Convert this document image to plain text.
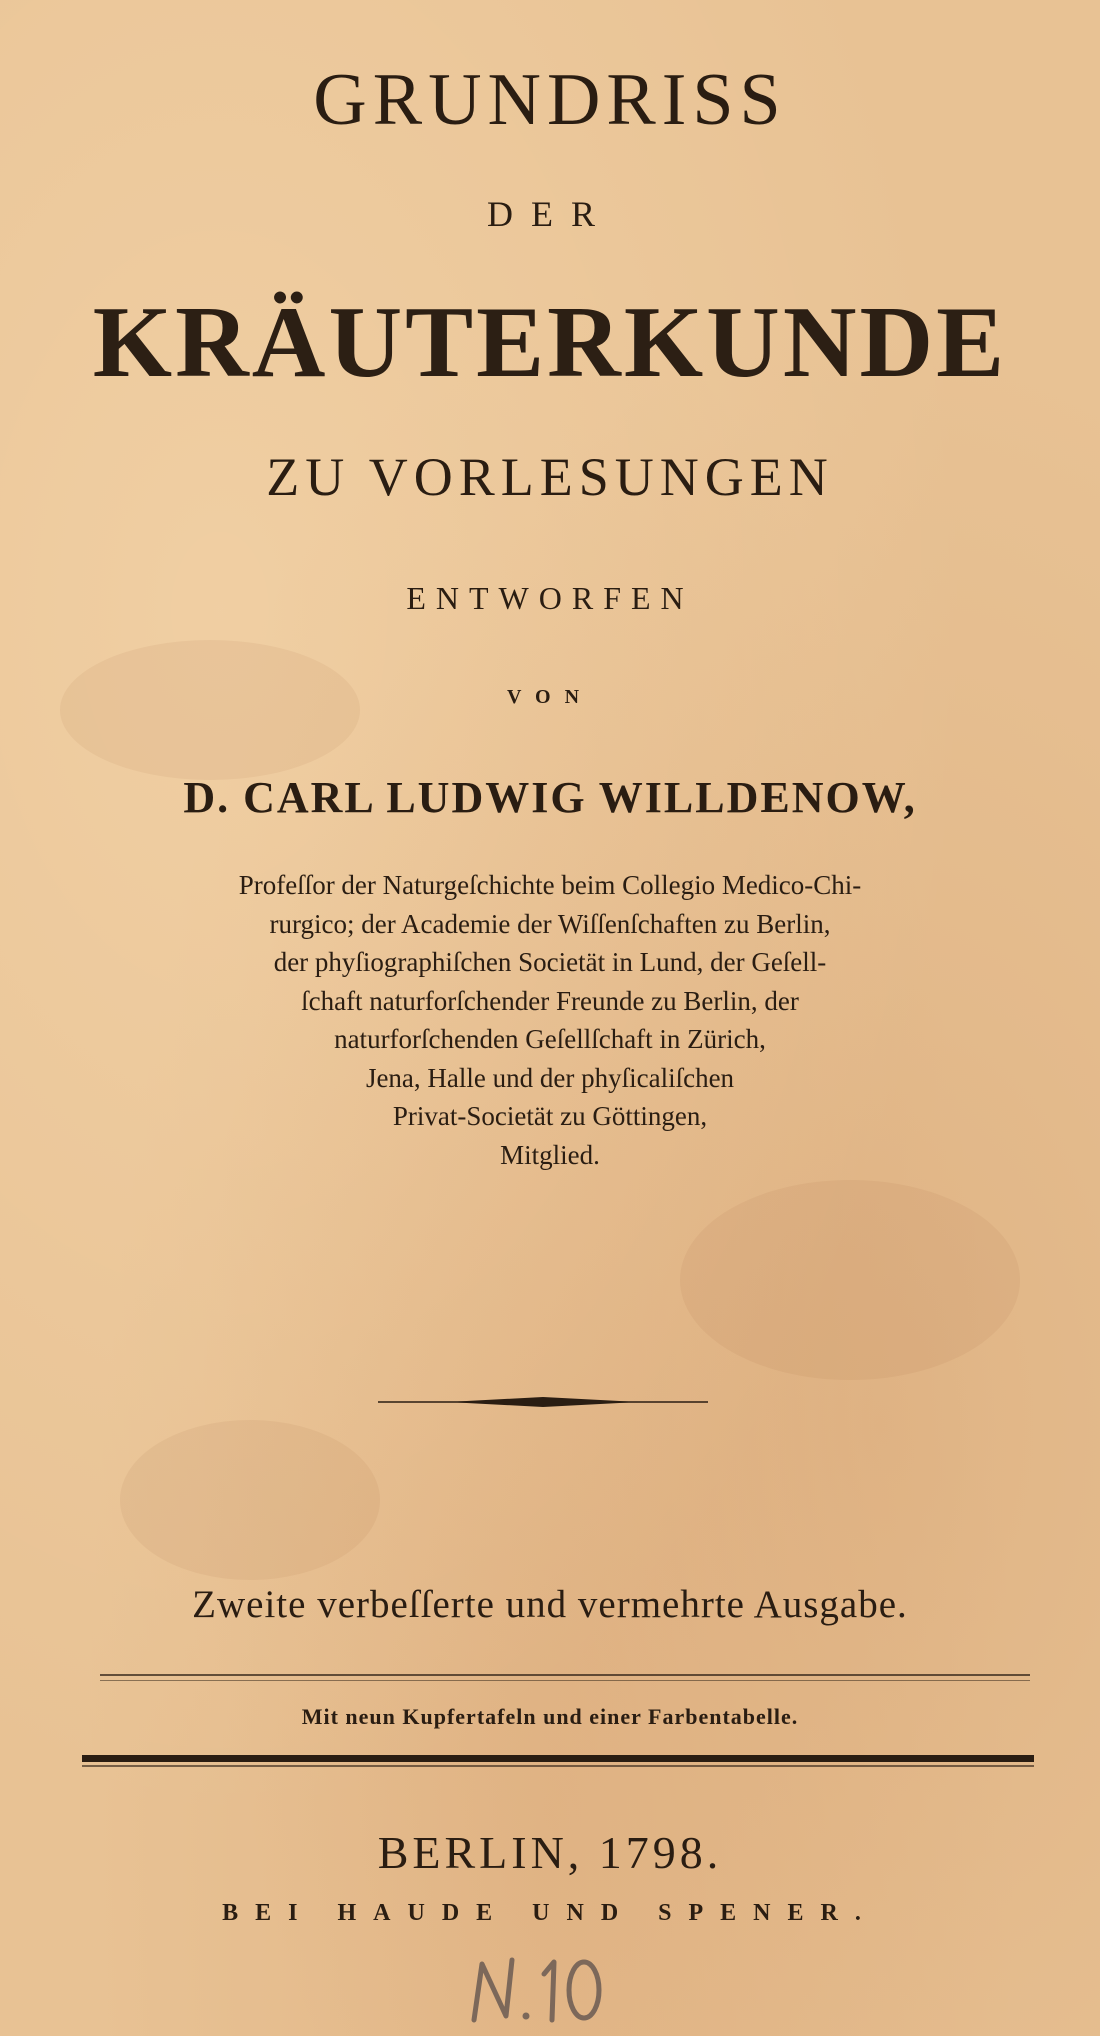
GRUNDRISS
DER
KRÄUTERKUNDE
ZU VORLESUNGEN
ENTWORFEN
VON
D. CARL LUDWIG WILLDENOW,
Profeſſor der Naturgeſchichte beim Collegio Medico-Chi-
rurgico; der Academie der Wiſſenſchaften zu Berlin,
der phyſiographiſchen Societät in Lund, der Geſell-
ſchaft naturforſchender Freunde zu Berlin, der
naturforſchenden Geſellſchaft in Zürich,
Jena, Halle und der phyſicaliſchen
Privat-Societät zu Göttingen,
Mitglied.
Zweite verbeſſerte und vermehrte Ausgabe.
Mit neun Kupfertafeln und einer Farbentabelle.
BERLIN, 1798.
BEI HAUDE UND SPENER.
